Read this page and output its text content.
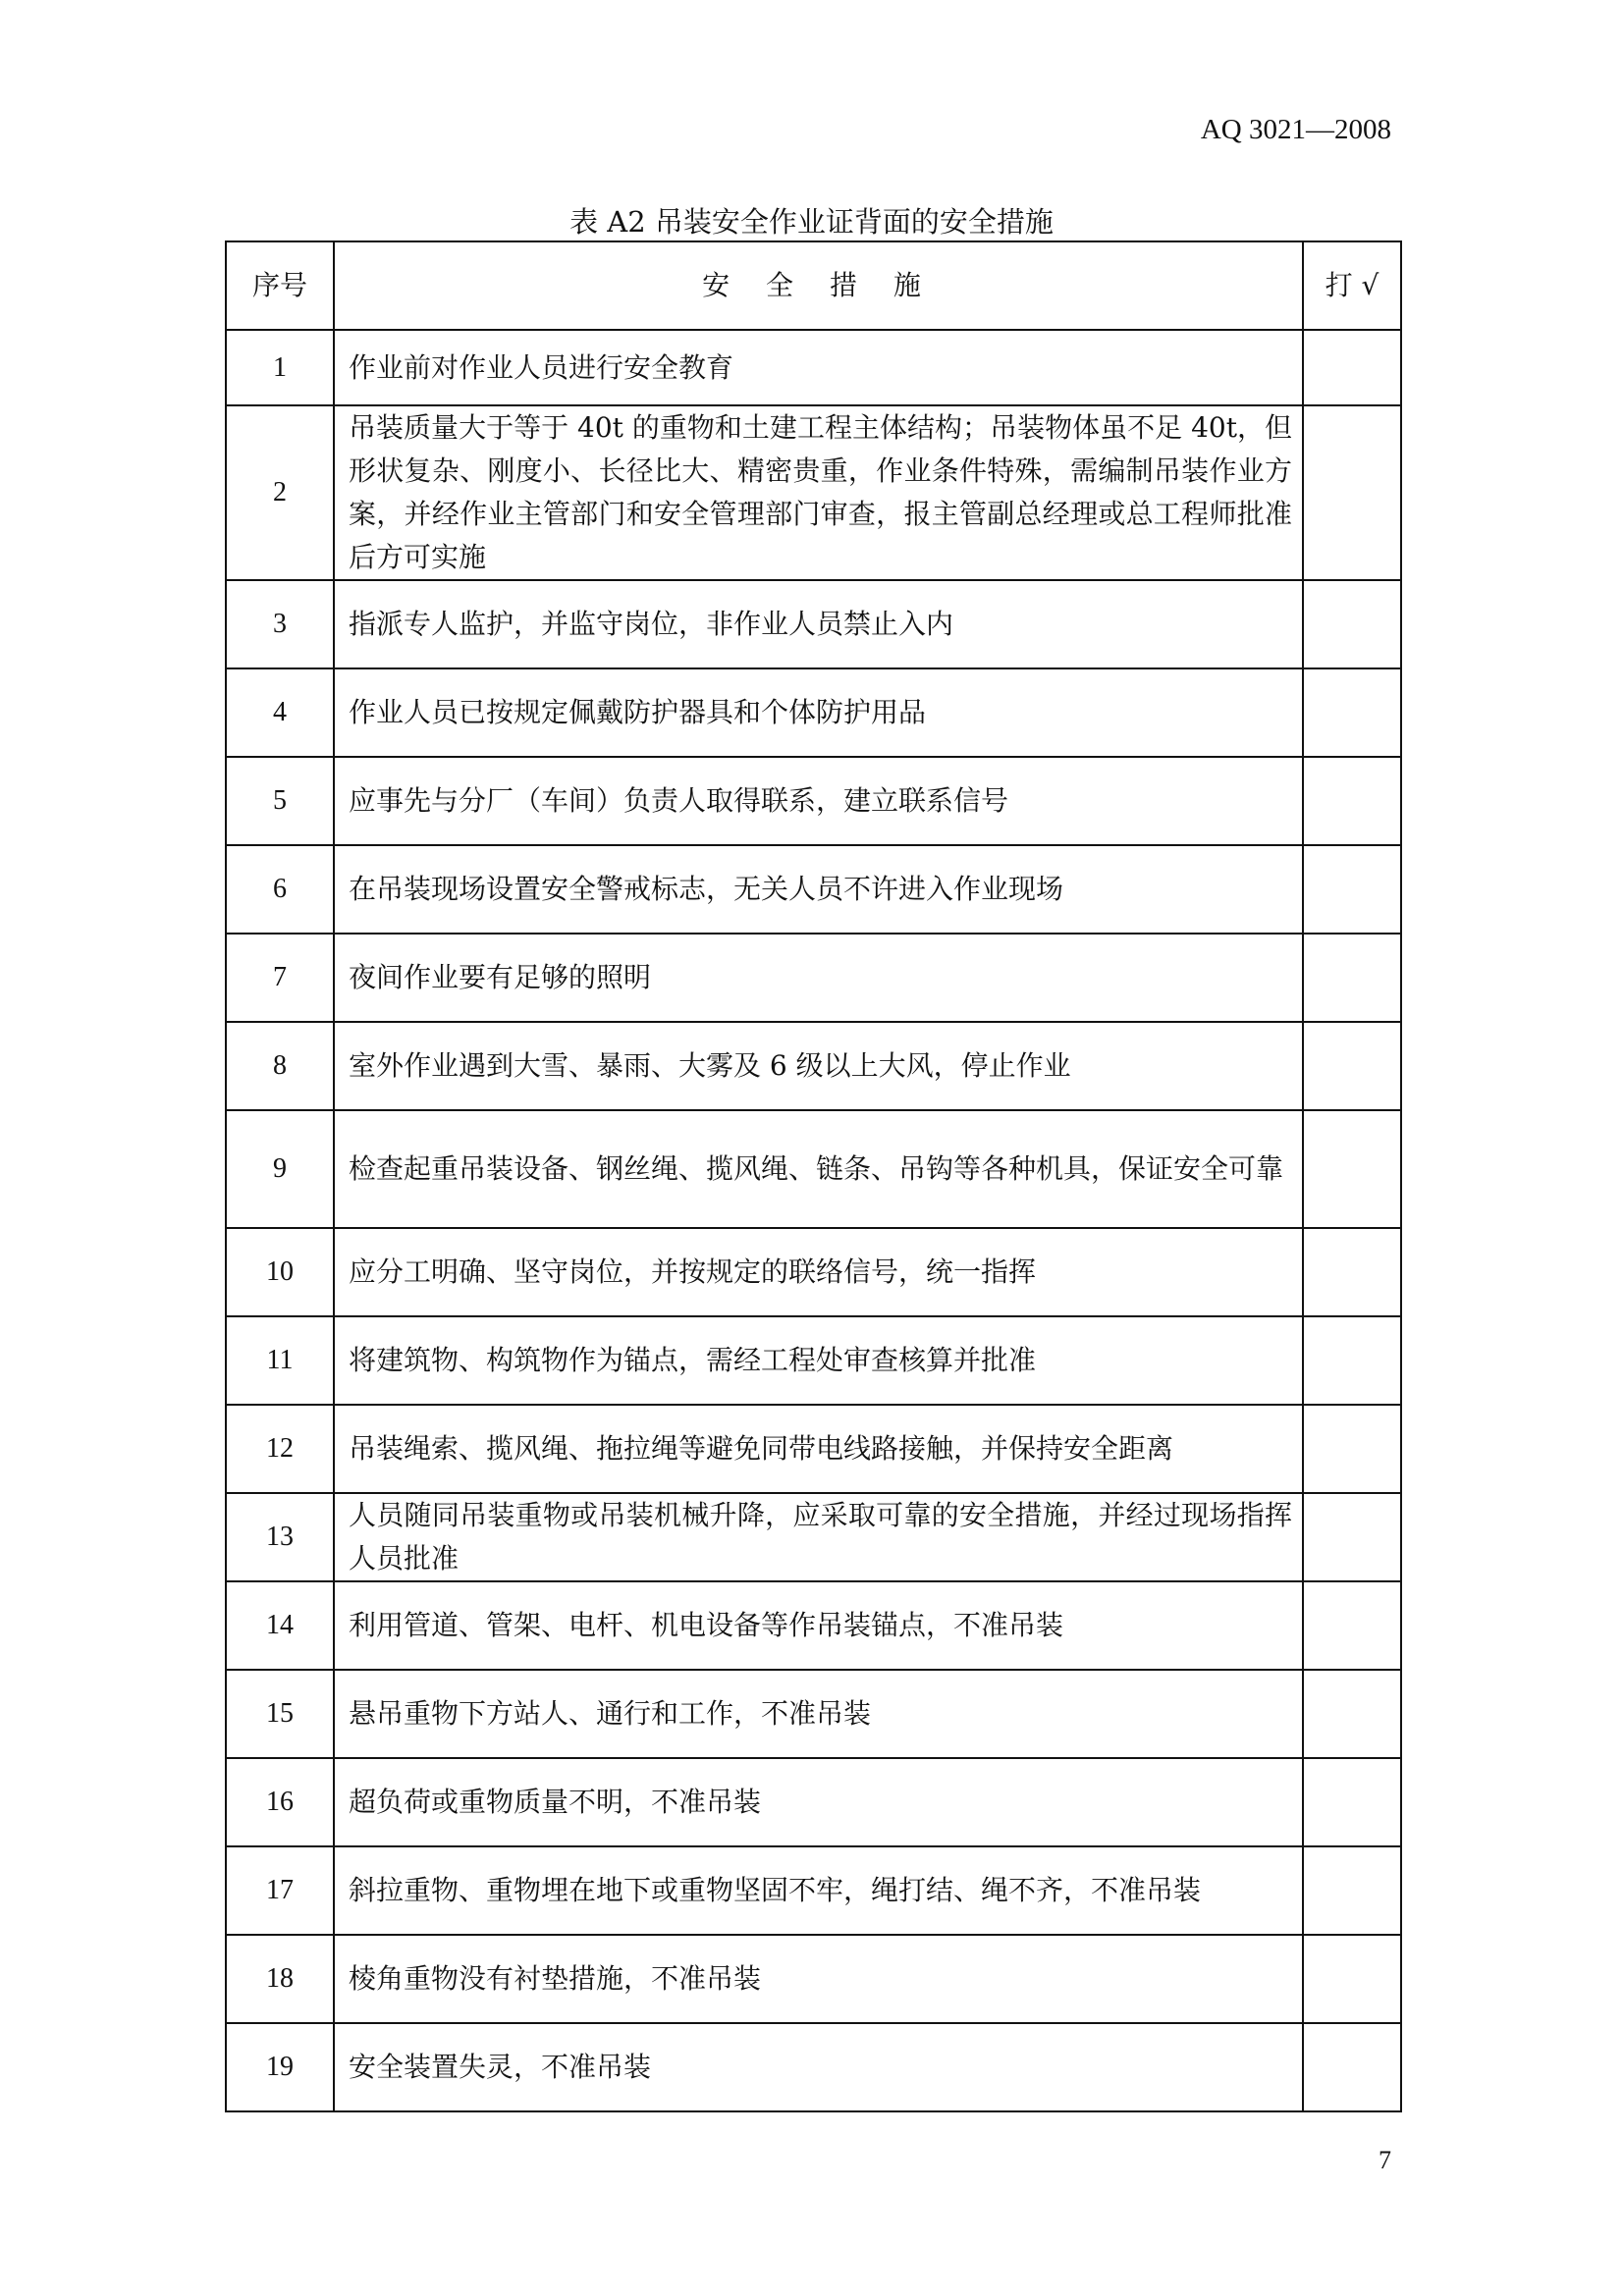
AQ 3021—2008
表 A2 吊装安全作业证背面的安全措施
序号	安 全 措 施	打 √
1	作业前对作业人员进行安全教育	
2	吊装质量大于等于 40t 的重物和土建工程主体结构；吊装物体虽不足 40t，但形状复杂、刚度小、长径比大、精密贵重，作业条件特殊，需编制吊装作业方案，并经作业主管部门和安全管理部门审查，报主管副总经理或总工程师批准后方可实施	
3	指派专人监护，并监守岗位，非作业人员禁止入内	
4	作业人员已按规定佩戴防护器具和个体防护用品	
5	应事先与分厂（车间）负责人取得联系，建立联系信号	
6	在吊装现场设置安全警戒标志，无关人员不许进入作业现场	
7	夜间作业要有足够的照明	
8	室外作业遇到大雪、暴雨、大雾及 6 级以上大风，停止作业	
9	检查起重吊装设备、钢丝绳、揽风绳、链条、吊钩等各种机具，保证安全可靠	
10	应分工明确、坚守岗位，并按规定的联络信号，统一指挥	
11	将建筑物、构筑物作为锚点，需经工程处审查核算并批准	
12	吊装绳索、揽风绳、拖拉绳等避免同带电线路接触，并保持安全距离	
13	人员随同吊装重物或吊装机械升降，应采取可靠的安全措施，并经过现场指挥人员批准	
14	利用管道、管架、电杆、机电设备等作吊装锚点，不准吊装	
15	悬吊重物下方站人、通行和工作，不准吊装	
16	超负荷或重物质量不明，不准吊装	
17	斜拉重物、重物埋在地下或重物坚固不牢，绳打结、绳不齐，不准吊装	
18	棱角重物没有衬垫措施，不准吊装	
19	安全装置失灵，不准吊装	
7
